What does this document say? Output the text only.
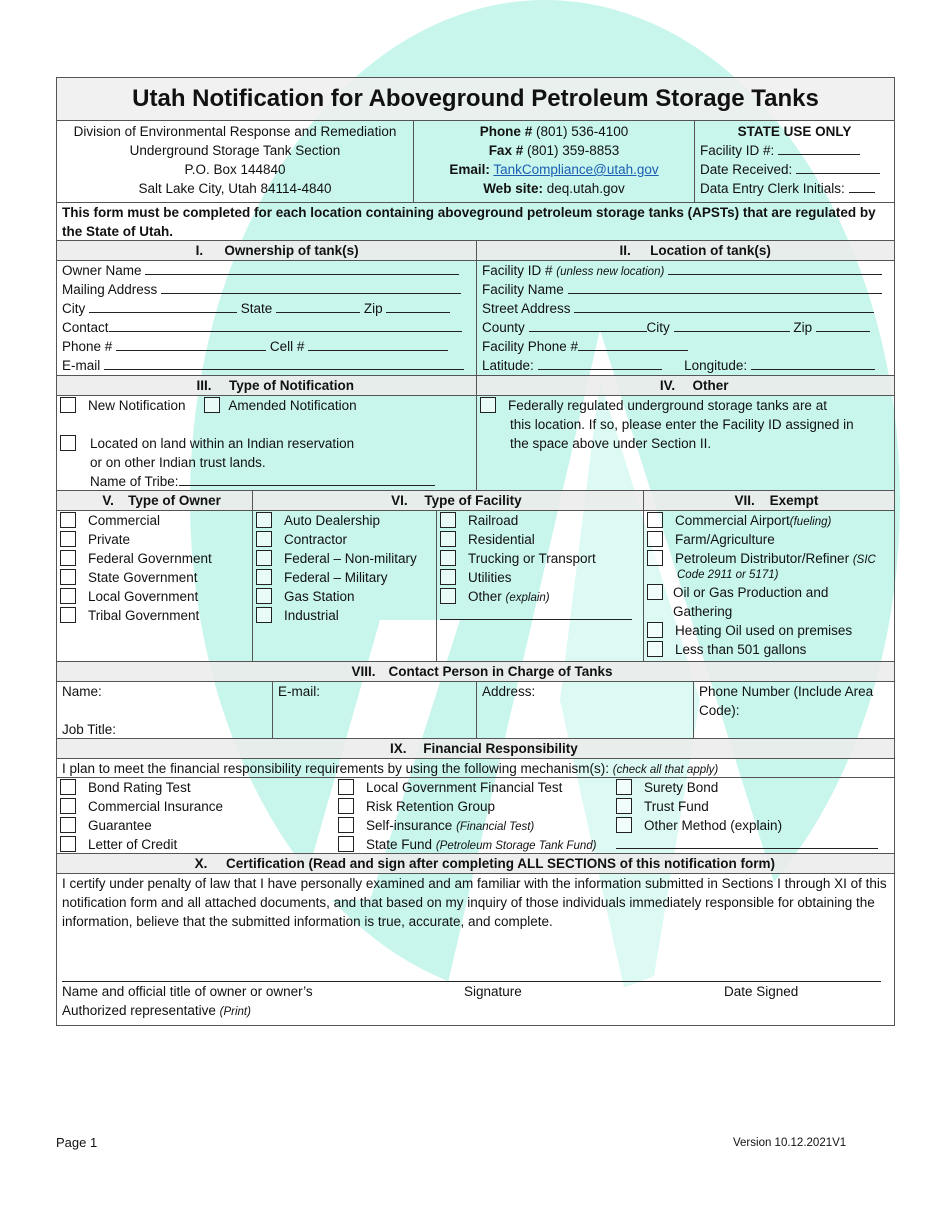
Utah Notification for Aboveground Petroleum Storage Tanks
Division of Environmental Response and Remediation
Underground Storage Tank Section
P.O. Box 144840
Salt Lake City, Utah 84114-4840
Phone # (801) 536-4100
Fax # (801) 359-8853
Email: TankCompliance@utah.gov
Web site: deq.utah.gov
STATE USE ONLY
Facility ID #:
Date Received:
Data Entry Clerk Initials:
This form must be completed for each location containing aboveground petroleum storage tanks (APSTs) that are regulated by the State of Utah.
I.	Ownership of tank(s)	II.	Location of tank(s)
Owner Name
Mailing Address
City	State	Zip
Contact
Phone #	Cell #
E-mail
Facility ID # (unless new location)
Facility Name
Street Address
County	City	Zip
Facility Phone #
Latitude:	Longitude:
III.	Type of Notification	IV.	Other
New Notification	Amended Notification
Located on land within an Indian reservation
or on other Indian trust lands.
Name of Tribe:
Federally regulated underground storage tanks are at
this location. If so, please enter the Facility ID assigned in
the space above under Section II.
V.	Type of Owner	VI.	Type of Facility	VII.	Exempt
Commercial
Private
Federal Government
State Government
Local Government
Tribal Government
Auto Dealership
Contractor
Federal – Non-military
Federal – Military
Gas Station
Industrial
Railroad
Residential
Trucking or Transport
Utilities
Other (explain)
Commercial Airport(fueling)
Farm/Agriculture
Petroleum Distributor/Refiner (SIC
Code 2911 or 5171)
Oil or Gas Production and
Gathering
Heating Oil used on premises
Less than 501 gallons
VIII. Contact Person in Charge of Tanks
Name:
Job Title:
E-mail:	Address:	Phone Number (Include Area
Code):
IX.	Financial Responsibility
I plan to meet the financial responsibility requirements by using the following mechanism(s): (check all that apply)
Bond Rating Test
Commercial Insurance
Guarantee
Letter of Credit
Local Government Financial Test
Risk Retention Group
Self-insurance (Financial Test)
State Fund (Petroleum Storage Tank Fund)
Surety Bond
Trust Fund
Other Method (explain)
X.	Certification (Read and sign after completing ALL SECTIONS of this notification form)
I certify under penalty of law that I have personally examined and am familiar with the information submitted in Sections I through XI of this notification form and all attached documents, and that based on my inquiry of those individuals immediately responsible for obtaining the information, believe that the submitted information is true, accurate, and complete.
Name and official title of owner or owner’s	Signature	Date Signed
Authorized representative (Print)
Page 1	Version 10.12.2021V1
